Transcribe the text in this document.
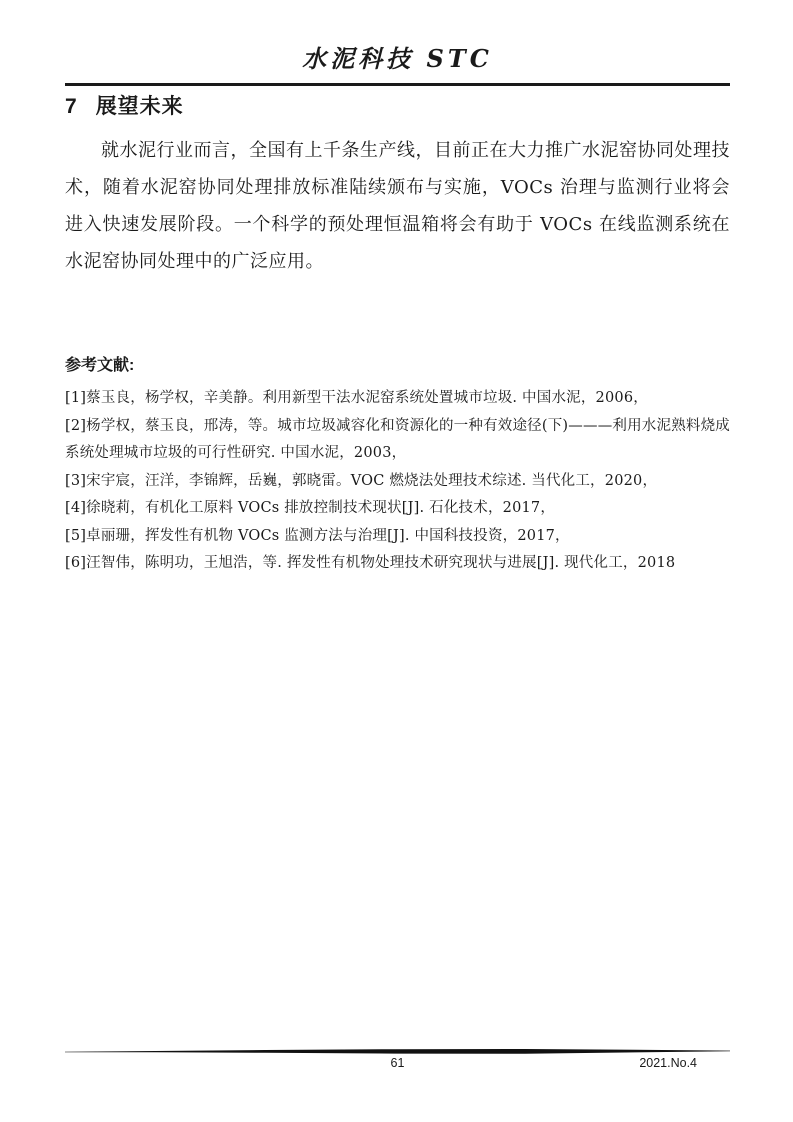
水泥科技 STC
7 展望未来
就水泥行业而言，全国有上千条生产线，目前正在大力推广水泥窑协同处理技术，随着水泥窑协同处理排放标准陆续颁布与实施，VOCs 治理与监测行业将会进入快速发展阶段。一个科学的预处理恒温箱将会有助于 VOCs 在线监测系统在水泥窑协同处理中的广泛应用。
参考文献:
[1]蔡玉良，杨学权，辛美静。利用新型干法水泥窑系统处置城市垃圾. 中国水泥，2006，
[2]杨学权，蔡玉良，邢涛，等。城市垃圾减容化和资源化的一种有效途径(下)———利用水泥熟料烧成系统处理城市垃圾的可行性研究. 中国水泥，2003，
[3]宋宇宸，汪洋，李锦辉，岳巍，郭晓雷。VOC 燃烧法处理技术综述. 当代化工，2020，
[4]徐晓莉，有机化工原料 VOCs 排放控制技术现状[J]. 石化技术，2017，
[5]卓丽珊，挥发性有机物 VOCs 监测方法与治理[J]. 中国科技投资，2017，
[6]汪智伟，陈明功，王旭浩，等. 挥发性有机物处理技术研究现状与进展[J]. 现代化工，2018
61	2021.No.4
